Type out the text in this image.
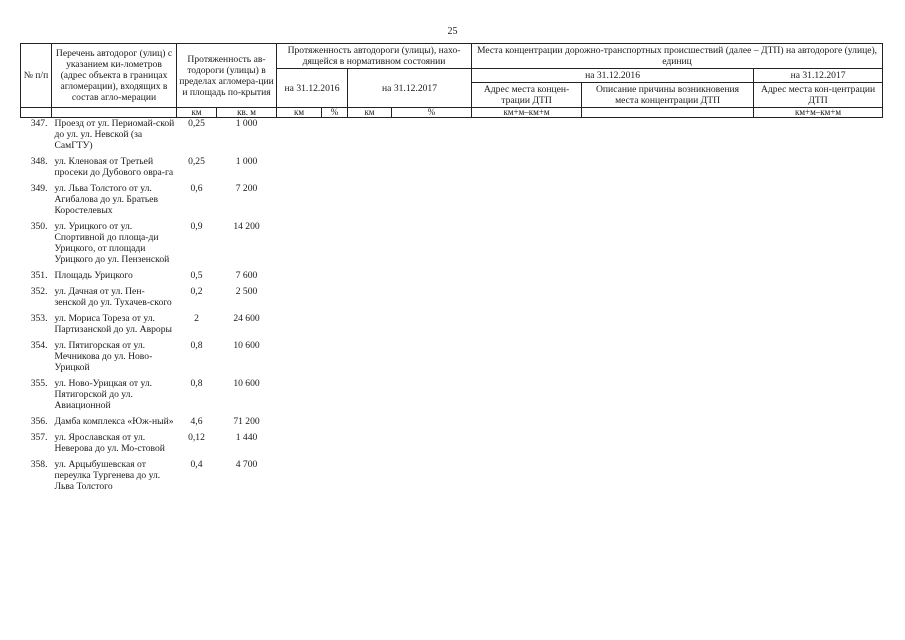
25
№ п/п	Перечень автодорог (улиц) с указанием ки-лометров (адрес объекта в границах агломерации), входящих в состав агло-мерации	Протяженность ав-тодороги (улицы) в пределах агломера-ции и площадь по-крытия		Протяженность автодороги (улицы), нахо-дящейся в нормативном состоянии				Места концентрации дорожно-транспортных происшествий (далее – ДТП) на автодороге (улице), единиц		
				на 31.12.2016		на 31.12.2017		на 31.12.2016		на 31.12.2017
								Адрес места концен-трации ДТП	Описание причины возникновения места концентрации ДТП	Адрес места кон-центрации ДТП
		км	кв. м	км	%	км	%	км+м–км+м		км+м–км+м
347.	Проезд от ул. Периомай-ской до ул. ул. Невской (за СамГТУ)	0,25	1 000							
348.	ул. Кленовая от Третьей просеки до Дубового овра-га	0,25	1 000							
349.	ул. Льва Толстого от ул. Агибалова до ул. Братьев Коростелевых	0,6	7 200							
350.	ул. Урицкого от ул. Спортивной до площа-ди Урицкого, от площади Урицкого до ул. Пензенской	0,9	14 200							
351.	Площадь Урицкого	0,5	7 600							
352.	ул. Дачная от ул. Пен-зенской до ул. Тухачев-ского	0,2	2 500							
353.	ул. Мориса Тореза от ул. Партизанской до ул. Авроры	2	24 600							
354.	ул. Пятигорская от ул. Мечникова до ул. Ново-Урицкой	0,8	10 600							
355.	ул. Ново-Урицкая от ул. Пятигорской до ул. Авиационной	0,8	10 600							
356.	Дамба комплекса «Юж-ный»	4,6	71 200							
357.	ул. Ярославская от ул. Неверова до ул. Мо-стовой	0,12	1 440							
358.	ул. Арцыбушевская от переулка Тургенева до ул. Льва Толстого	0,4	4 700							
